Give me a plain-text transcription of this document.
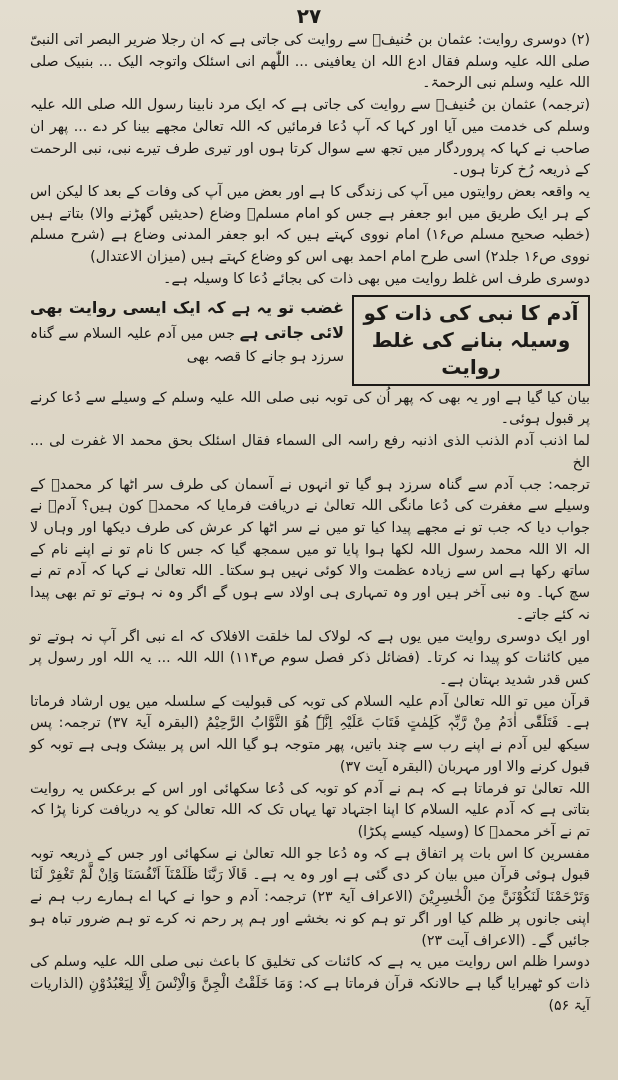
۲۷

(۲) دوسری روایت: عثمان بن حُنیفؓ سے روایت کی جاتی ہے کہ ان رجلا ضریر البصر اتی النبیّ صلی اللہ علیہ وسلم فقال ادع اللہ ان یعافینی ... اللّٰھم انی اسئلک واتوجہ الیک ... بنبیک صلی اللہ علیہ وسلم نبی الرحمۃ۔

(ترجمہ) عثمان بن حُنیفؓ سے روایت کی جاتی ہے کہ ایک مرد نابینا رسول اللہ صلی اللہ علیہ وسلم کی خدمت میں آیا اور کہا کہ آپ دُعا فرمائیں کہ اللہ تعالیٰ مجھے بینا کر دے ... پھر ان صاحب نے کہا کہ پروردگار میں تجھ سے سوال کرتا ہوں اور تیری طرف تیرے نبی، نبی الرحمت کے ذریعہ رُخ کرتا ہوں۔

یہ واقعہ بعض روایتوں میں آپ کی زندگی کا ہے اور بعض میں آپ کی وفات کے بعد کا لیکن اس کے ہر ایک طریق میں ابو جعفر ہے جس کو امام مسلمؒ وضاع (حدیثیں گھڑنے والا) بتاتے ہیں (خطبہ صحیح مسلم ص۱۶) امام نووی کہتے ہیں کہ ابو جعفر المدنی وضاع ہے (شرح مسلم نووی ص۱۶ جلد۲) اسی طرح امام احمد بھی اس کو وضاع کہتے ہیں (میزان الاعتدال)

دوسری طرف اس غلط روایت میں بھی ذات کی بجائے دُعا کا وسیلہ ہے۔

آدم کا نبی کی ذات کو وسیلہ بنانے کی غلط روایت
غضب تو یہ ہے کہ ایک ایسی روایت بھی لائی جاتی ہے جس میں آدم علیہ السلام سے گناہ سرزد ہو جانے کا قصہ بھی

بیان کیا گیا ہے اور یہ بھی کہ پھر اُن کی توبہ نبی صلی اللہ علیہ وسلم کے وسیلے سے دُعا کرنے پر قبول ہوئی۔

لما اذنب آدم الذنب الذی اذنبہ رفع راسہ الی السماء فقال اسئلک بحق محمد الا غفرت لی ... الخ

ترجمہ: جب آدم سے گناہ سرزد ہو گیا تو انہوں نے آسمان کی طرف سر اٹھا کر محمدؐ کے وسیلے سے مغفرت کی دُعا مانگی اللہ تعالیٰ نے دریافت فرمایا کہ محمدؐ کون ہیں؟ آدمؑ نے جواب دیا کہ جب تو نے مجھے پیدا کیا تو میں نے سر اٹھا کر عرش کی طرف دیکھا اور وہاں لا الہ الا اللہ محمد رسول اللہ لکھا ہوا پایا تو میں سمجھ گیا کہ جس کا نام تو نے اپنے نام کے ساتھ رکھا ہے اس سے زیادہ عظمت والا کوئی نہیں ہو سکتا۔ اللہ تعالیٰ نے کہا کہ آدم تم نے سچ کہا۔ وہ نبی آخر ہیں اور وہ تمہاری ہی اولاد سے ہوں گے اگر وہ نہ ہوتے تو تم بھی پیدا نہ کئے جاتے۔

اور ایک دوسری روایت میں یوں ہے کہ لولاک لما خلقت الافلاک کہ اے نبی اگر آپ نہ ہوتے تو میں کائنات کو پیدا نہ کرتا۔ (فضائل ذکر فصل سوم ص۱۱۴) اللہ اللہ ... یہ اللہ اور رسول پر کس قدر شدید بہتان ہے۔

قرآن میں تو اللہ تعالیٰ آدم علیہ السلام کی توبہ کی قبولیت کے سلسلہ میں یوں ارشاد فرماتا ہے۔ فَتَلَقّٰی اٰدَمُ مِنْ رَّبِّہٖ کَلِمٰتٍ فَتَابَ عَلَیْہِ اِنَّہٗ ھُوَ التَّوَّابُ الرَّحِیْمُ (البقرہ آیۃ ۳۷) ترجمہ: پس سیکھ لیں آدم نے اپنے رب سے چند باتیں، پھر متوجہ ہو گیا اللہ اس پر بیشک وہی ہے توبہ کو قبول کرنے والا اور مہربان (البقرہ آیت ۳۷)

اللہ تعالیٰ تو فرماتا ہے کہ ہم نے آدم کو توبہ کی دُعا سکھائی اور اس کے برعکس یہ روایت بتاتی ہے کہ آدم علیہ السلام کا اپنا اجتہاد تھا یہاں تک کہ اللہ تعالیٰ کو یہ دریافت کرنا پڑا کہ تم نے آخر محمدؐ کا (وسیلہ کیسے پکڑا)

مفسرین کا اس بات پر اتفاق ہے کہ وہ دُعا جو اللہ تعالیٰ نے سکھائی اور جس کے ذریعہ توبہ قبول ہوئی قرآن میں بیان کر دی گئی ہے اور وہ یہ ہے۔ قَالَا رَبَّنَا ظَلَمْنَآ اَنْفُسَنَا وَاِنْ لَّمْ تَغْفِرْ لَنَا وَتَرْحَمْنَا لَنَكُوْنَنَّ مِنَ الْخٰسِرِيْنَ (الاعراف آیۃ ۲۳) ترجمہ: آدم و حوا نے کہا اے ہمارے رب ہم نے اپنی جانوں پر ظلم کیا اور اگر تو ہم کو نہ بخشے اور ہم پر رحم نہ کرے تو ہم ضرور تباہ ہو جائیں گے۔ (الاعراف آیت ۲۳)

دوسرا ظلم اس روایت میں یہ ہے کہ کائنات کی تخلیق کا باعث نبی صلی اللہ علیہ وسلم کی ذات کو ٹھیرایا گیا ہے حالانکہ قرآن فرماتا ہے کہ: وَمَا خَلَقْتُ الْجِنَّ وَالْاِنْسَ اِلَّا لِيَعْبُدُوْنِ (الذاریات آیۃ ۵۶)
